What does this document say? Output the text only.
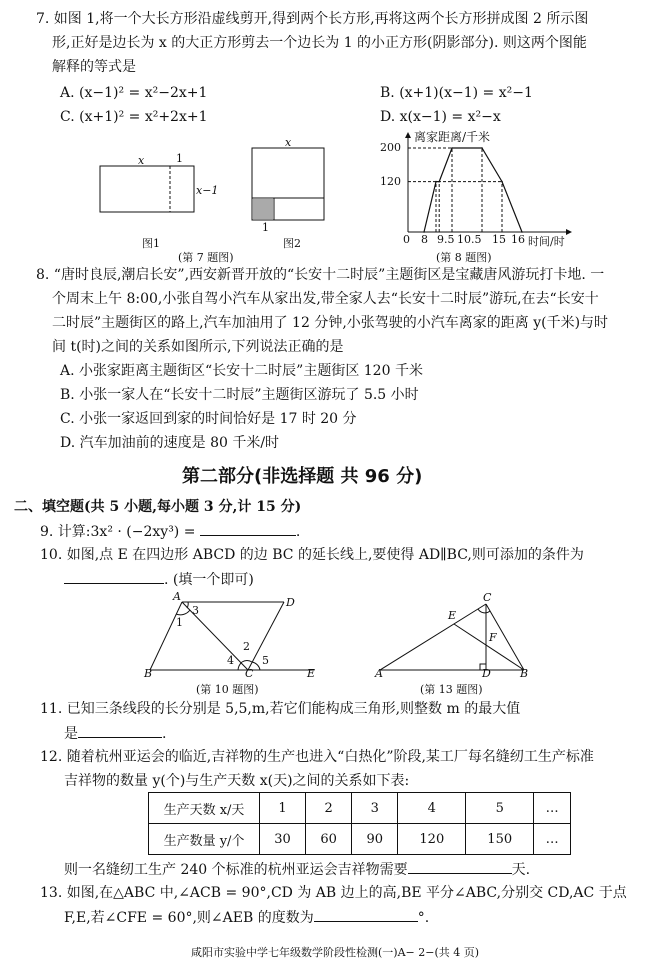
7. 如图 1,将一个大长方形沿虚线剪开,得到两个长方形,再将这两个长方形拼成图 2 所示图
形,正好是边长为 x 的大正方形剪去一个边长为 1 的小正方形(阴影部分). 则这两个图能
解释的等式是
A. (x−1)² = x²−2x+1	B. (x+1)(x−1) = x²−1
C. (x+1)² = x²+2x+1	D. x(x−1) = x²−x
x	1
x−1
图1
x
1
图2
(第 7 题图)
离家距离/千米
200
120
0 8 9.5 10.5 15 16 时间/时
(第 8 题图)
8. “唐时良辰,潮启长安”,西安新晋开放的“长安十二时辰”主题街区是宝藏唐风游玩打卡地. 一
个周末上午 8:00,小张自驾小汽车从家出发,带全家人去“长安十二时辰”游玩,在去“长安十
二时辰”主题街区的路上,汽车加油用了 12 分钟,小张驾驶的小汽车离家的距离 y(千米)与时
间 t(时)之间的关系如图所示,下列说法正确的是
A. 小张家距离主题街区“长安十二时辰”主题街区 120 千米
B. 小张一家人在“长安十二时辰”主题街区游玩了 5.5 小时
C. 小张一家返回到家的时间恰好是 17 时 20 分
D. 汽车加油前的速度是 80 千米/时
第二部分(非选择题 共 96 分)
二、填空题(共 5 小题,每小题 3 分,计 15 分)
9. 计算:3x² · (−2xy³) =	.
10. 如图,点 E 在四边形 ABCD 的边 BC 的延长线上,要使得 AD∥BC,则可添加的条件为
. (填一个即可)
A	D
B	C	E
1
3
2
4	5
(第 10 题图)
C
E
F
A	D	B
(第 13 题图)
11. 已知三条线段的长分别是 5,5,m,若它们能构成三角形,则整数 m 的最大值
是	.
12. 随着杭州亚运会的临近,吉祥物的生产也进入“白热化”阶段,某工厂每名缝纫工生产标准
吉祥物的数量 y(个)与生产天数 x(天)之间的关系如下表:
生产天数 x/天	1	2	3	4	5	…
生产数量 y/个	30	60	90	120	150	…
则一名缝纫工生产 240 个标准的杭州亚运会吉祥物需要	天.
13. 如图,在△ABC 中,∠ACB = 90°,CD 为 AB 边上的高,BE 平分∠ABC,分别交 CD,AC 于点
F,E,若∠CFE = 60°,则∠AEB 的度数为	°.
咸阳市实验中学七年级数学阶段性检测(一)A− 2−(共 4 页)
